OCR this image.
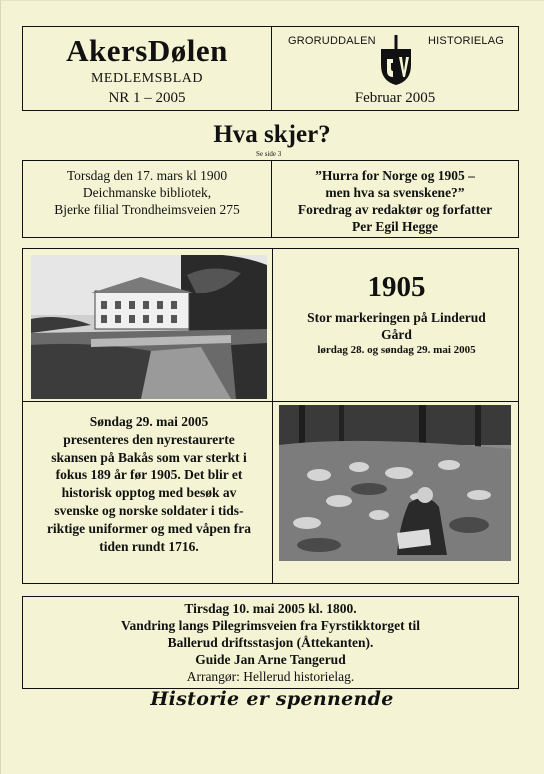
AkersDølen
MEDLEMSBLAD
NR 1 – 2005
GRORUDDALEN	HISTORIELAG
Februar 2005
Hva skjer?
Se side 3
Torsdag den 17. mars kl 1900
Deichmanske bibliotek,
Bjerke filial Trondheimsveien 275
”Hurra for Norge og 1905 –
men hva sa svenskene?”
Foredrag av redaktør og forfatter
Per Egil Hegge
1905
Stor markeringen på Linderud
Gård
lørdag 28. og søndag 29. mai 2005
Søndag 29. mai 2005
presenteres den nyrestaurerte
skansen på Bakås som var sterkt i
fokus 189 år før 1905. Det blir et
historisk opptog med besøk av
svenske og norske soldater i tids-
riktige uniformer og med våpen fra
tiden rundt 1716.
Tirsdag 10. mai 2005 kl. 1800.
Vandring langs Pilegrimsveien fra Fyrstikktorget til
Ballerud driftsstasjon (Åttekanten).
Guide Jan Arne Tangerud
Arrangør: Hellerud historielag.
Historie er spennende
